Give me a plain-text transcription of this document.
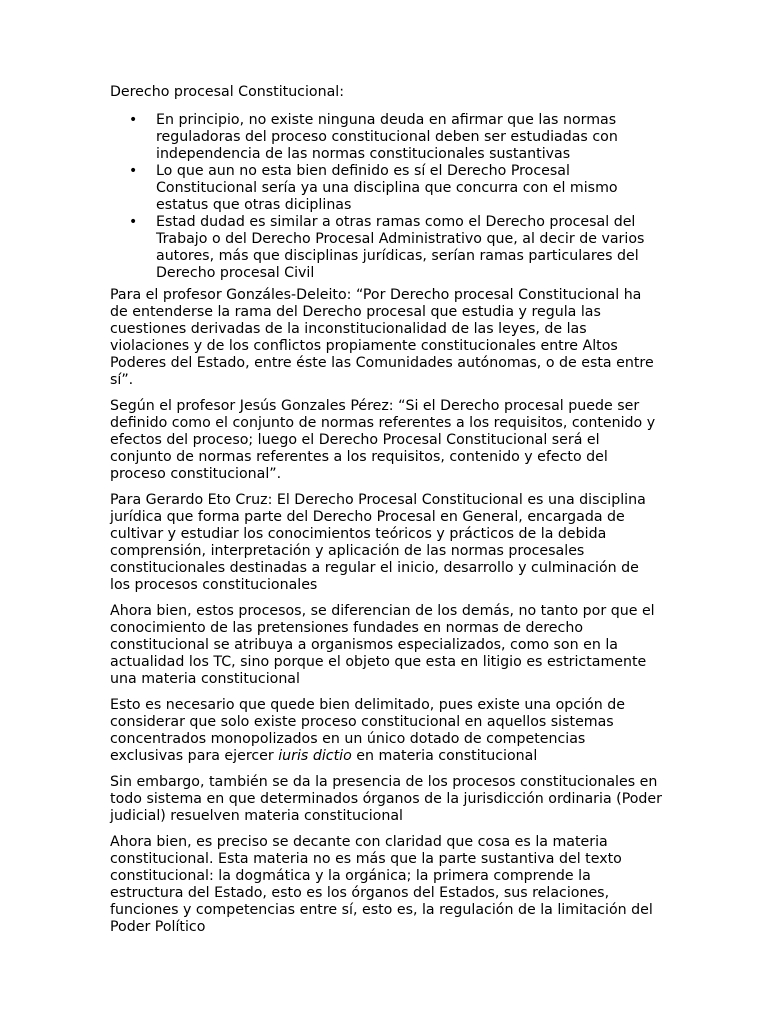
Derecho procesal Constitucional:
• En principio, no existe ninguna deuda en afirmar que las normas reguladoras del proceso constitucional deben ser estudiadas con independencia de las normas constitucionales sustantivas
• Lo que aun no esta bien definido es sí el Derecho Procesal Constitucional sería ya una disciplina que concurra con el mismo estatus que otras diciplinas
• Estad dudad es similar a otras ramas como el Derecho procesal del Trabajo o del Derecho Procesal Administrativo que, al decir de varios autores, más que disciplinas jurídicas, serían ramas particulares del Derecho procesal Civil

Para el profesor Gonzáles-Deleito: “Por Derecho procesal Constitucional ha de entenderse la rama del Derecho procesal que estudia y regula las cuestiones derivadas de la inconstitucionalidad de las leyes, de las violaciones y de los conflictos propiamente constitucionales entre Altos Poderes del Estado, entre éste las Comunidades autónomas, o de esta entre sí”.

Según el profesor Jesús Gonzales Pérez: “Si el Derecho procesal puede ser definido como el conjunto de normas referentes a los requisitos, contenido y efectos del proceso; luego el Derecho Procesal Constitucional será el conjunto de normas referentes a los requisitos, contenido y efecto del proceso constitucional”.

Para Gerardo Eto Cruz: El Derecho Procesal Constitucional es una disciplina jurídica que forma parte del Derecho Procesal en General, encargada de cultivar y estudiar los conocimientos teóricos y prácticos de la debida comprensión, interpretación y aplicación de las normas procesales constitucionales destinadas a regular el inicio, desarrollo y culminación de los procesos constitucionales

Ahora bien, estos procesos, se diferencian de los demás, no tanto por que el conocimiento de las pretensiones fundades en normas de derecho constitucional se atribuya a organismos especializados, como son en la actualidad los TC, sino porque el objeto que esta en litigio es estrictamente una materia constitucional

Esto es necesario que quede bien delimitado, pues existe una opción de considerar que solo existe proceso constitucional en aquellos sistemas concentrados monopolizados en un único dotado de competencias exclusivas para ejercer iuris dictio en materia constitucional

Sin embargo, también se da la presencia de los procesos constitucionales en todo sistema en que determinados órganos de la jurisdicción ordinaria (Poder judicial) resuelven materia constitucional

Ahora bien, es preciso se decante con claridad que cosa es la materia constitucional. Esta materia no es más que la parte sustantiva del texto constitucional: la dogmática y la orgánica; la primera comprende la estructura del Estado, esto es los órganos del Estados, sus relaciones, funciones y competencias entre sí, esto es, la regulación de la limitación del Poder Político
